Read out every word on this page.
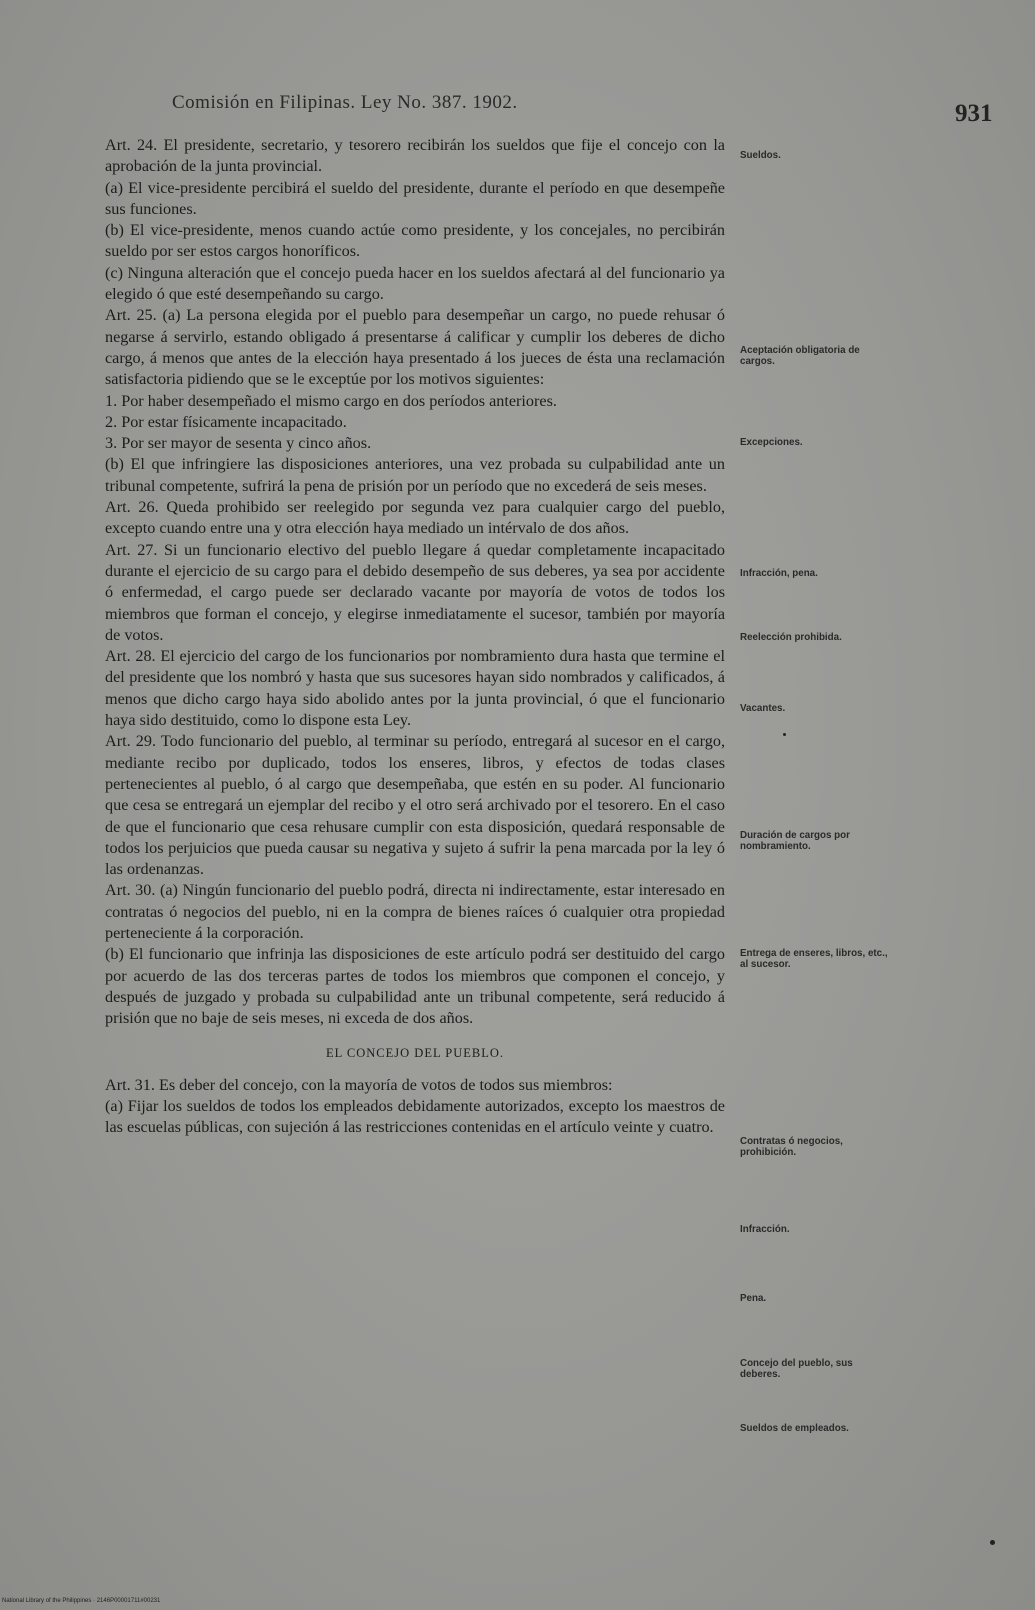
Comisión en Filipinas. Ley No. 387. 1902.	931

Art. 24. El presidente, secretario, y tesorero recibirán los sueldos que fije el concejo con la aprobación de la junta provincial.

(a) El vice-presidente percibirá el sueldo del presidente, durante el período en que desempeñe sus funciones.

(b) El vice-presidente, menos cuando actúe como presidente, y los concejales, no percibirán sueldo por ser estos cargos honoríficos.

(c) Ninguna alteración que el concejo pueda hacer en los sueldos afectará al del funcionario ya elegido ó que esté desempeñando su cargo.

Art. 25. (a) La persona elegida por el pueblo para desempeñar un cargo, no puede rehusar ó negarse á servirlo, estando obligado á presentarse á calificar y cumplir los deberes de dicho cargo, á menos que antes de la elección haya presentado á los jueces de ésta una reclamación satisfactoria pidiendo que se le exceptúe por los motivos siguientes:

1. Por haber desempeñado el mismo cargo en dos períodos anteriores.

2. Por estar físicamente incapacitado.

3. Por ser mayor de sesenta y cinco años.

(b) El que infringiere las disposiciones anteriores, una vez probada su culpabilidad ante un tribunal competente, sufrirá la pena de prisión por un período que no excederá de seis meses.

Art. 26. Queda prohibido ser reelegido por segunda vez para cualquier cargo del pueblo, excepto cuando entre una y otra elección haya mediado un intérvalo de dos años.

Art. 27. Si un funcionario electivo del pueblo llegare á quedar completamente incapacitado durante el ejercicio de su cargo para el debido desempeño de sus deberes, ya sea por accidente ó enfermedad, el cargo puede ser declarado vacante por mayoría de votos de todos los miembros que forman el concejo, y elegirse inmediatamente el sucesor, también por mayoría de votos.

Art. 28. El ejercicio del cargo de los funcionarios por nombramiento dura hasta que termine el del presidente que los nombró y hasta que sus sucesores hayan sido nombrados y calificados, á menos que dicho cargo haya sido abolido antes por la junta provincial, ó que el funcionario haya sido destituido, como lo dispone esta Ley.

Art. 29. Todo funcionario del pueblo, al terminar su período, entregará al sucesor en el cargo, mediante recibo por duplicado, todos los enseres, libros, y efectos de todas clases pertenecientes al pueblo, ó al cargo que desempeñaba, que estén en su poder. Al funcionario que cesa se entregará un ejemplar del recibo y el otro será archivado por el tesorero. En el caso de que el funcionario que cesa rehusare cumplir con esta disposición, quedará responsable de todos los perjuicios que pueda causar su negativa y sujeto á sufrir la pena marcada por la ley ó las ordenanzas.

Art. 30. (a) Ningún funcionario del pueblo podrá, directa ni indirectamente, estar interesado en contratas ó negocios del pueblo, ni en la compra de bienes raíces ó cualquier otra propiedad perteneciente á la corporación.

(b) El funcionario que infrinja las disposiciones de este artículo podrá ser destituido del cargo por acuerdo de las dos terceras partes de todos los miembros que componen el concejo, y después de juzgado y probada su culpabilidad ante un tribunal competente, será reducido á prisión que no baje de seis meses, ni exceda de dos años.

EL CONCEJO DEL PUEBLO.

Art. 31. Es deber del concejo, con la mayoría de votos de todos sus miembros:

(a) Fijar los sueldos de todos los empleados debidamente autorizados, excepto los maestros de las escuelas públicas, con sujeción á las restricciones contenidas en el artículo veinte y cuatro.

Sueldos.
Aceptación obligatoria de cargos.
Excepciones.
Infracción, pena.
Reelección prohibida.
Vacantes.
Duración de cargos por nombramiento.
Entrega de enseres, libros, etc., al sucesor.
Contratas ó negocios, prohibición.
Infracción.
Pena.
Concejo del pueblo, sus deberes.
Sueldos de empleados.
National Library of the Philippines · 2146P00001711#00231
